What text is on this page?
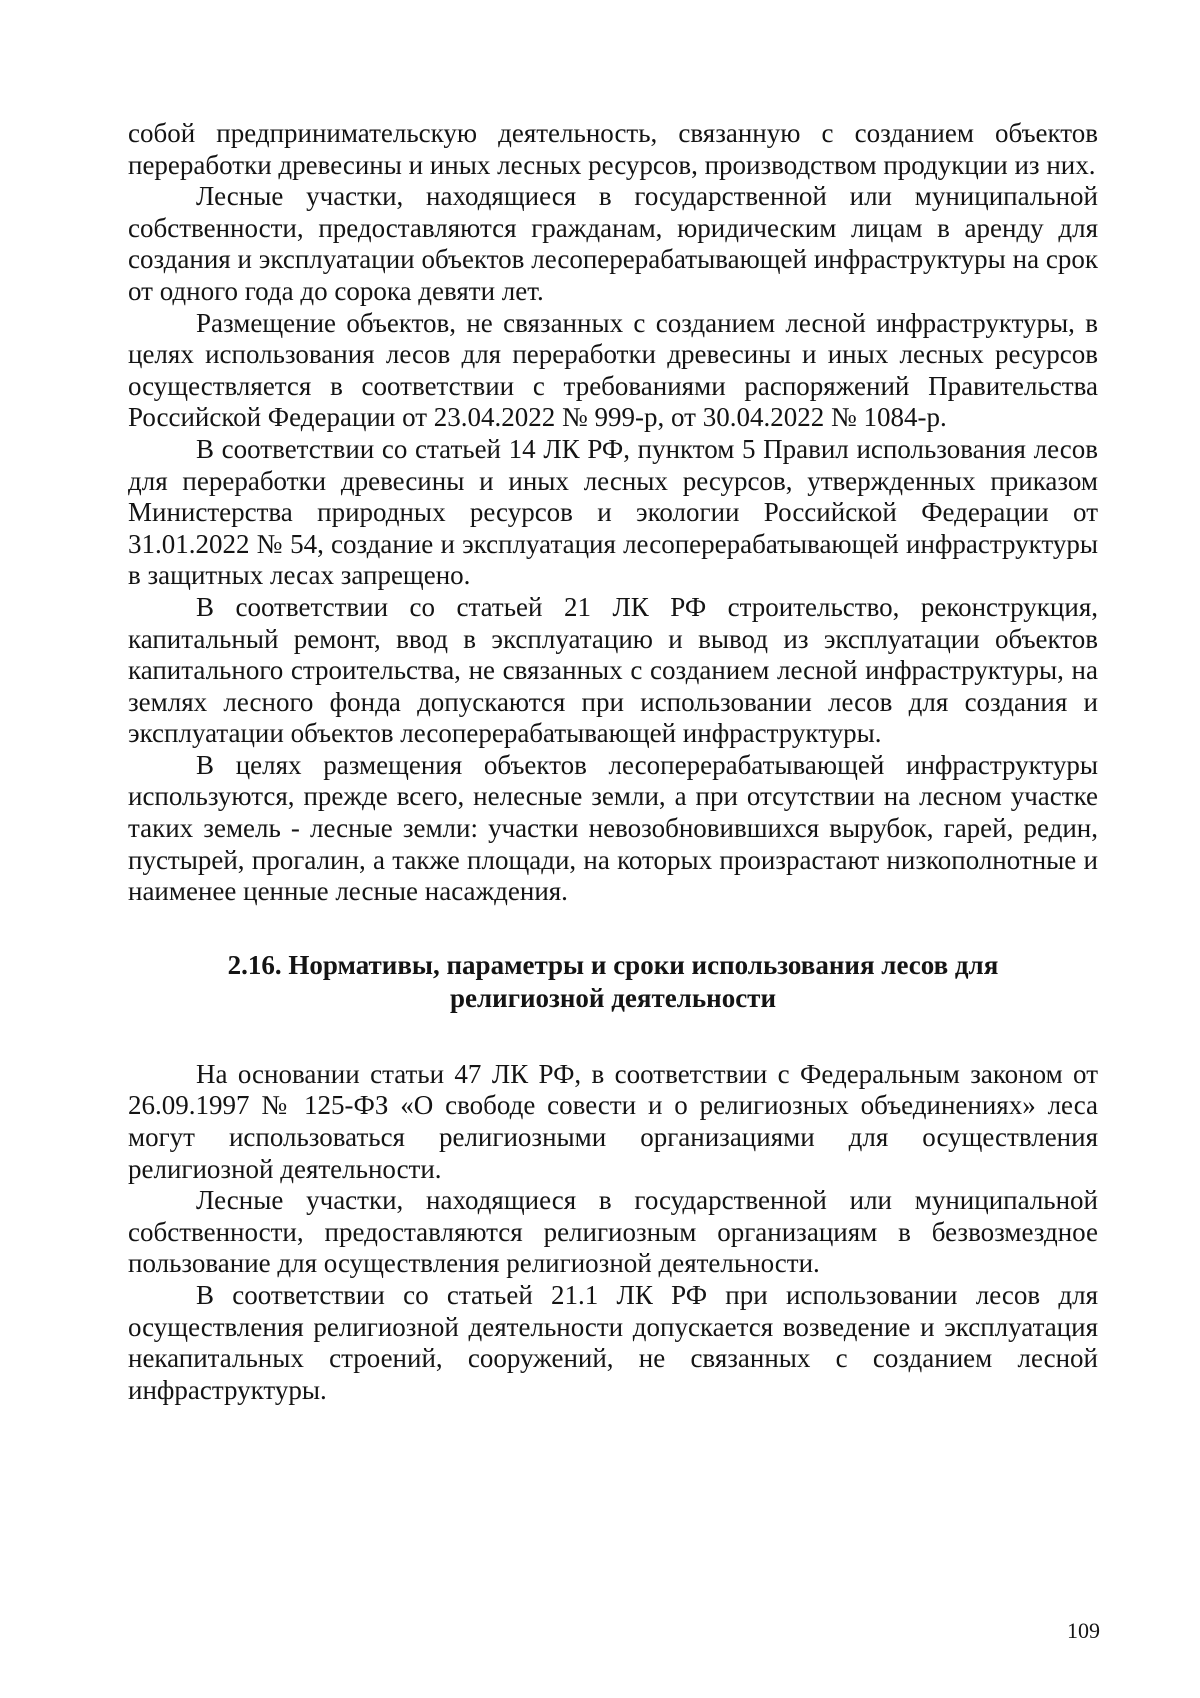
собой предпринимательскую деятельность, связанную с созданием объектов переработки древесины и иных лесных ресурсов, производством продукции из них.

Лесные участки, находящиеся в государственной или муниципальной собственности, предоставляются гражданам, юридическим лицам в аренду для создания и эксплуатации объектов лесоперерабатывающей инфраструктуры на срок от одного года до сорока девяти лет.

Размещение объектов, не связанных с созданием лесной инфраструктуры, в целях использования лесов для переработки древесины и иных лесных ресурсов осуществляется в соответствии с требованиями распоряжений Правительства Российской Федерации от 23.04.2022 № 999-р, от 30.04.2022 № 1084-р.

В соответствии со статьей 14 ЛК РФ, пунктом 5 Правил использования лесов для переработки древесины и иных лесных ресурсов, утвержденных приказом Министерства природных ресурсов и экологии Российской Федерации от 31.01.2022 № 54, создание и эксплуатация лесоперерабатывающей инфраструктуры в защитных лесах запрещено.

В соответствии со статьей 21 ЛК РФ строительство, реконструкция, капитальный ремонт, ввод в эксплуатацию и вывод из эксплуатации объектов капитального строительства, не связанных с созданием лесной инфраструктуры, на землях лесного фонда допускаются при использовании лесов для создания и эксплуатации объектов лесоперерабатывающей инфраструктуры.

В целях размещения объектов лесоперерабатывающей инфраструктуры используются, прежде всего, нелесные земли, а при отсутствии на лесном участке таких земель - лесные земли: участки невозобновившихся вырубок, гарей, редин, пустырей, прогалин, а также площади, на которых произрастают низкополнотные и наименее ценные лесные насаждения.

2.16. Нормативы, параметры и сроки использования лесов для
религиозной деятельности

На основании статьи 47 ЛК РФ, в соответствии с Федеральным законом от 26.09.1997 № 125-ФЗ «О свободе совести и о религиозных объединениях» леса могут использоваться религиозными организациями для осуществления религиозной деятельности.

Лесные участки, находящиеся в государственной или муниципальной собственности, предоставляются религиозным организациям в безвозмездное пользование для осуществления религиозной деятельности.

В соответствии со статьей 21.1 ЛК РФ при использовании лесов для осуществления религиозной деятельности допускается возведение и эксплуатация некапитальных строений, сооружений, не связанных с созданием лесной инфраструктуры.

109
